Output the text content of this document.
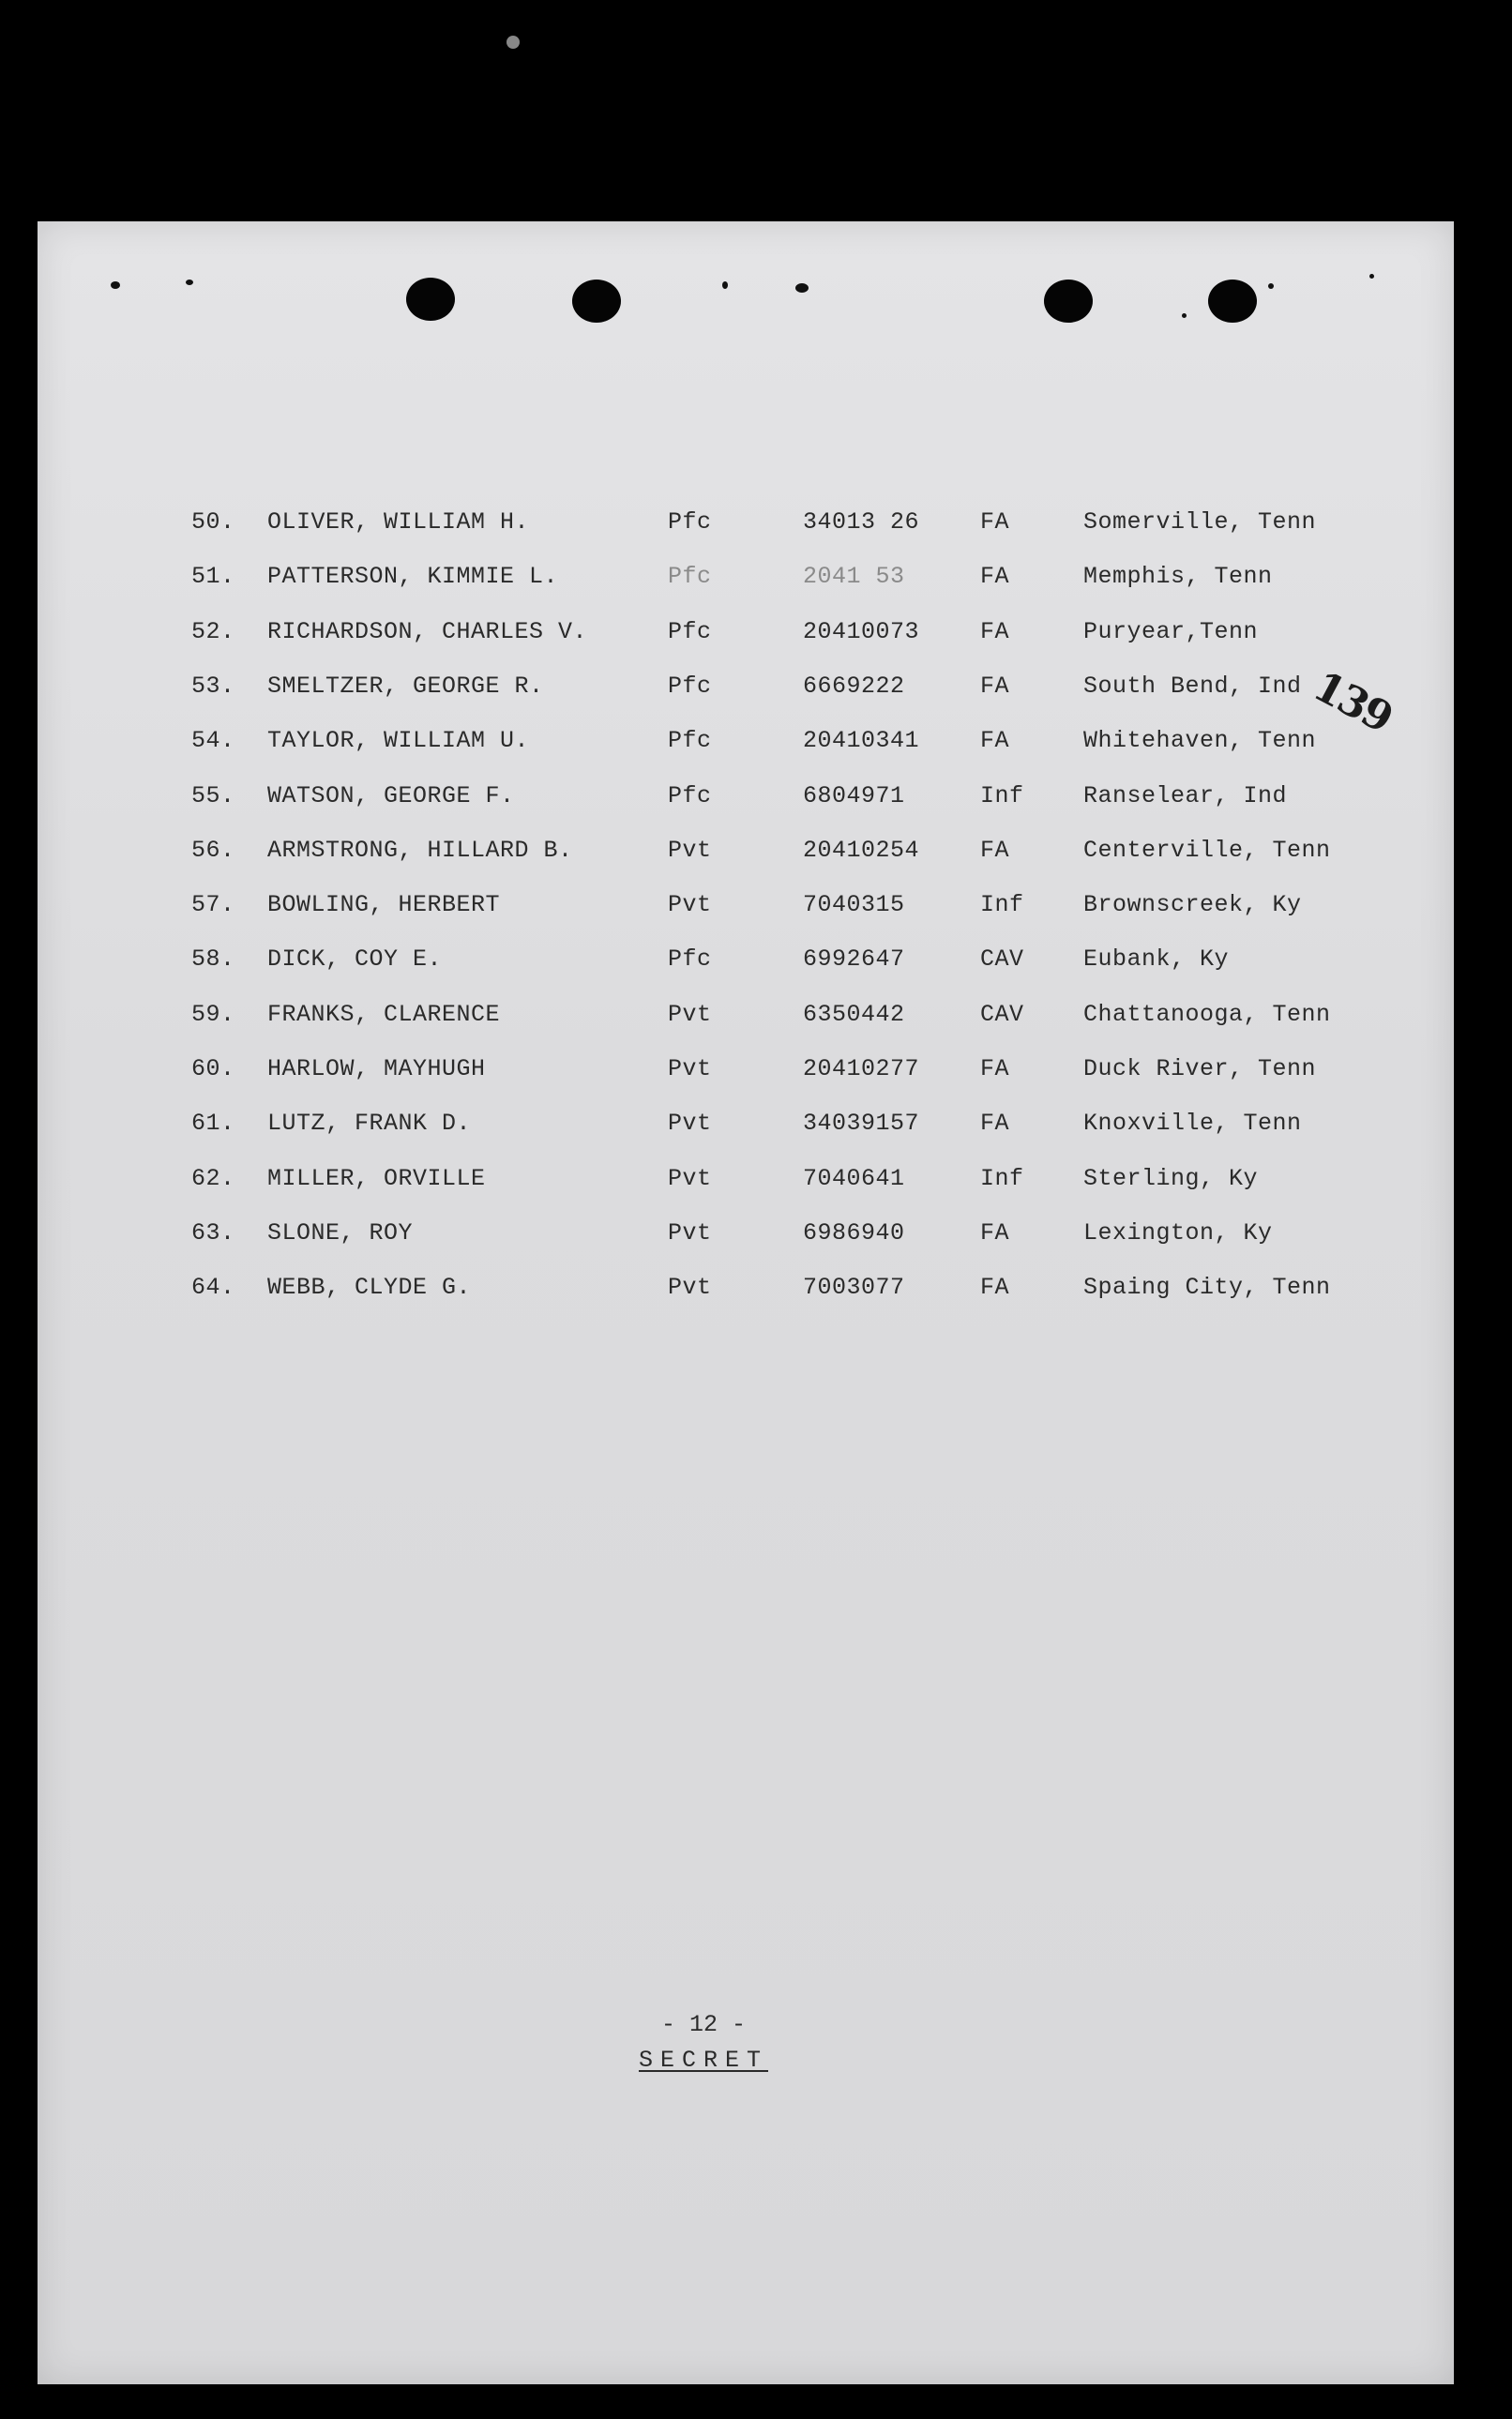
50. OLIVER, WILLIAM H.	Pfc	34013 26	FA	Somerville, Tenn
51. PATTERSON, KIMMIE L.	Pfc	2041 53	FA	Memphis, Tenn
52. RICHARDSON, CHARLES V.	Pfc	20410073	FA	Puryear,Tenn
53. SMELTZER, GEORGE R.	Pfc	6669222	FA	South Bend, Ind
54. TAYLOR, WILLIAM U.	Pfc	20410341	FA	Whitehaven, Tenn
55. WATSON, GEORGE F.	Pfc	6804971	Inf	Ranselear, Ind
56. ARMSTRONG, HILLARD B.	Pvt	20410254	FA	Centerville, Tenn
57. BOWLING, HERBERT	Pvt	7040315	Inf	Brownscreek, Ky
58. DICK, COY E.	Pfc	6992647	CAV	Eubank, Ky
59. FRANKS, CLARENCE	Pvt	6350442	CAV	Chattanooga, Tenn
60. HARLOW, MAYHUGH	Pvt	20410277	FA	Duck River, Tenn
61. LUTZ, FRANK D.	Pvt	34039157	FA	Knoxville, Tenn
62. MILLER, ORVILLE	Pvt	7040641	Inf	Sterling, Ky
63. SLONE, ROY	Pvt	6986940	FA	Lexington, Ky
64. WEBB, CLYDE G.	Pvt	7003077	FA	Spaing City, Tenn
139
- 12 -
SECRET
